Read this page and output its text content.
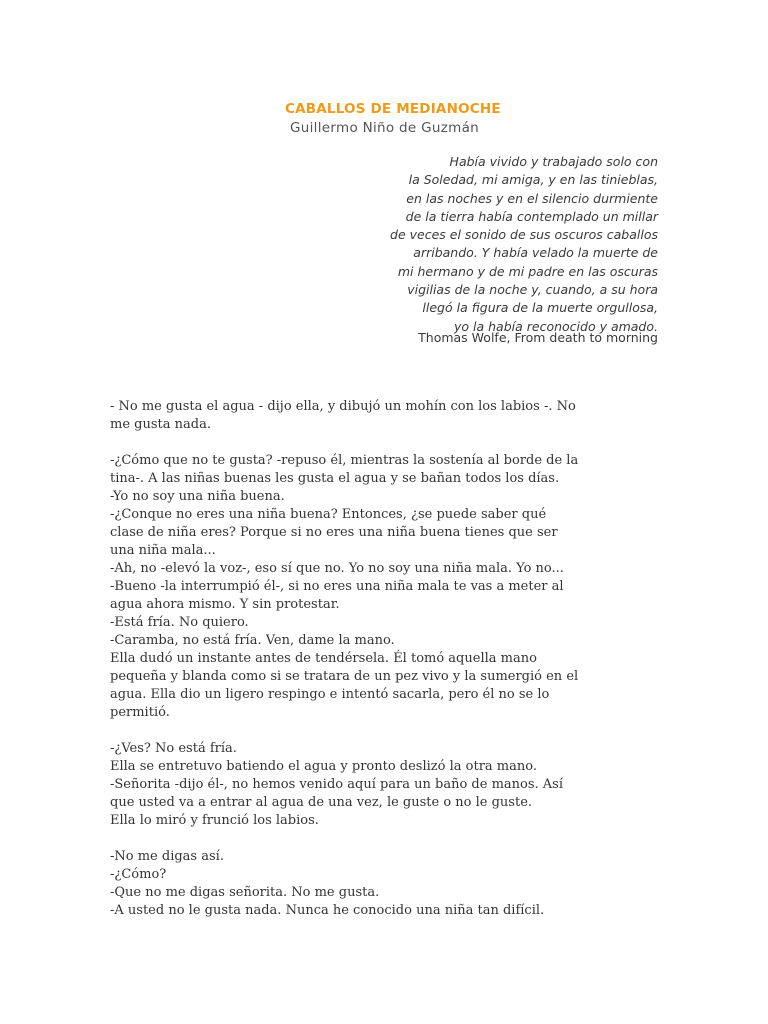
CABALLOS DE MEDIANOCHE
Guillermo Niño de Guzmán
Había vivido y trabajado solo con
la Soledad, mi amiga, y en las tinieblas,
en las noches y en el silencio durmiente
de la tierra había contemplado un millar
de veces el sonido de sus oscuros caballos
arribando. Y había velado la muerte de
mi hermano y de mi padre en las oscuras
vigilias de la noche y, cuando, a su hora
llegó la figura de la muerte orgullosa,
yo la había reconocido y amado.
Thomas Wolfe, From death to morning
- No me gusta el agua - dijo ella, y dibujó un mohín con los labios -. No
me gusta nada.
-¿Cómo que no te gusta? -repuso él, mientras la sostenía al borde de la
tina-. A las niñas buenas les gusta el agua y se bañan todos los días.
-Yo no soy una niña buena.
-¿Conque no eres una niña buena? Entonces, ¿se puede saber qué
clase de niña eres? Porque si no eres una niña buena tienes que ser
una niña mala...
-Ah, no -elevó la voz-, eso sí que no. Yo no soy una niña mala. Yo no...
-Bueno -la interrumpió él-, si no eres una niña mala te vas a meter al
agua ahora mismo. Y sin protestar.
-Está fría. No quiero.
-Caramba, no está fría. Ven, dame la mano.
Ella dudó un instante antes de tendérsela. Él tomó aquella mano
pequeña y blanda como si se tratara de un pez vivo y la sumergió en el
agua. Ella dio un ligero respingo e intentó sacarla, pero él no se lo
permitió.
-¿Ves? No está fría.
Ella se entretuvo batiendo el agua y pronto deslizó la otra mano.
-Señorita -dijo él-, no hemos venido aquí para un baño de manos. Así
que usted va a entrar al agua de una vez, le guste o no le guste.
Ella lo miró y frunció los labios.
-No me digas así.
-¿Cómo?
-Que no me digas señorita. No me gusta.
-A usted no le gusta nada. Nunca he conocido una niña tan difícil.
